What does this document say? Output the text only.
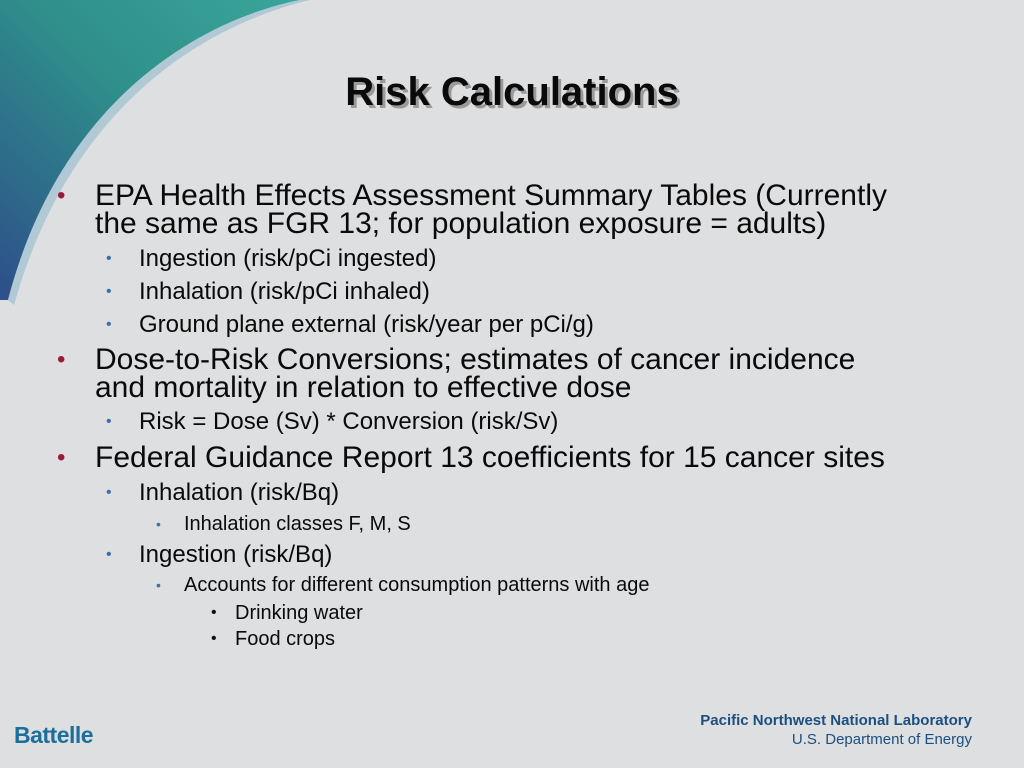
Risk Calculations
• EPA Health Effects Assessment Summary Tables (Currently
the same as FGR 13; for population exposure = adults)
• Ingestion (risk/pCi ingested)
• Inhalation (risk/pCi inhaled)
• Ground plane external (risk/year per pCi/g)
• Dose-to-Risk Conversions; estimates of cancer incidence
and mortality in relation to effective dose
• Risk = Dose (Sv) * Conversion (risk/Sv)
• Federal Guidance Report 13 coefficients for 15 cancer sites
• Inhalation (risk/Bq)
• Inhalation classes F, M, S
• Ingestion (risk/Bq)
• Accounts for different consumption patterns with age
• Drinking water
• Food crops
Battelle
Pacific Northwest National Laboratory
U.S. Department of Energy
